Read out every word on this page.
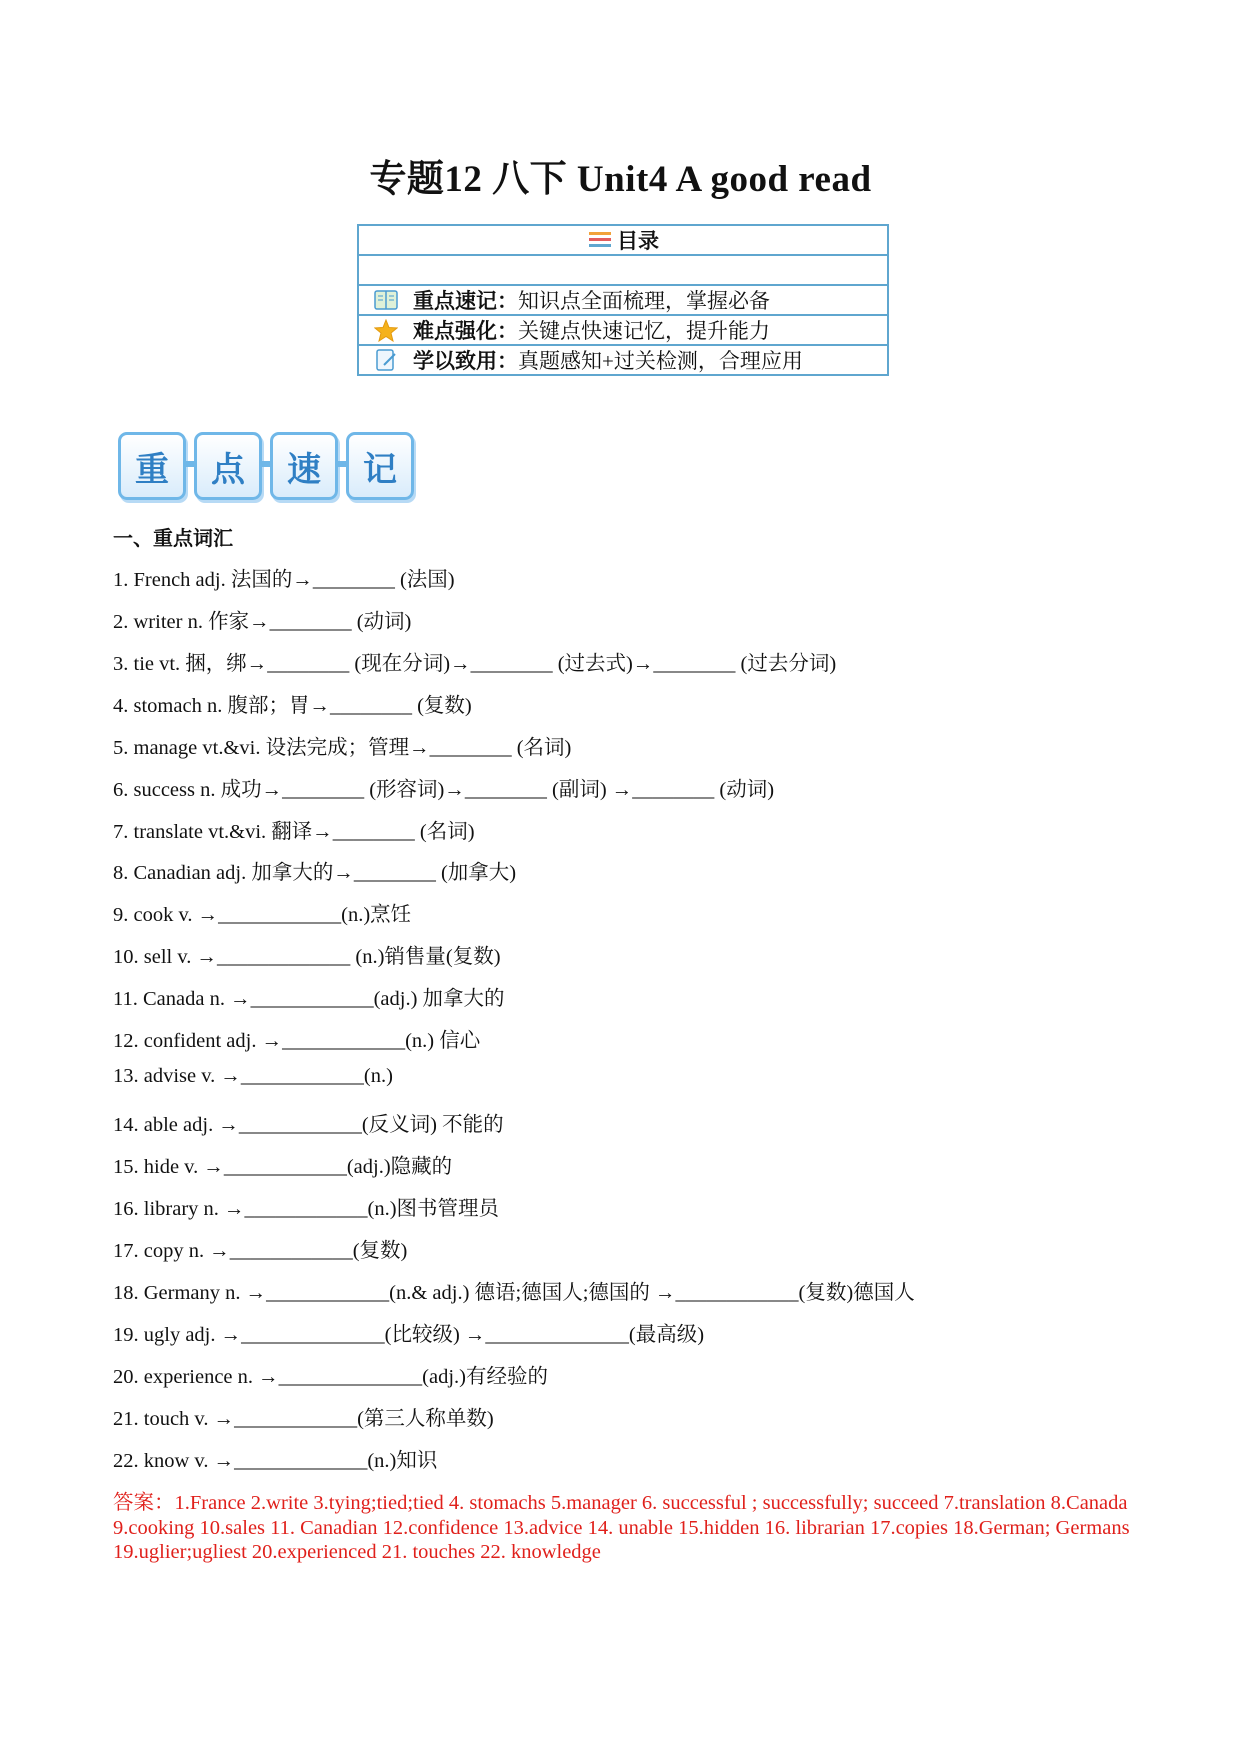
专题12 八下 Unit4 A good read
目录
重点速记： 知识点全面梳理，掌握必备
难点强化： 关键点快速记忆，提升能力
学以致用： 真题感知+过关检测，合理应用
重	点	速	记
一、重点词汇
1. French adj. 法国的→________ (法国)
2. writer n. 作家→________ (动词)
3. tie vt. 捆，绑→________ (现在分词)→________ (过去式)→________ (过去分词)
4. stomach n. 腹部；胃→________ (复数)
5. manage vt.&vi. 设法完成；管理→________ (名词)
6. success n. 成功→________ (形容词)→________ (副词) →________ (动词)
7. translate vt.&vi. 翻译→________ (名词)
8. Canadian adj. 加拿大的→________ (加拿大)
9. cook v. →____________(n.)烹饪
10. sell v. →_____________ (n.)销售量(复数)
11. Canada n. →____________(adj.) 加拿大的
12. confident adj. →____________(n.) 信心
13. advise v. →____________(n.)
14. able adj. →____________(反义词) 不能的
15. hide v. →____________(adj.)隐藏的
16. library n. →____________(n.)图书管理员
17. copy n. →____________(复数)
18. Germany n. →____________(n.& adj.) 德语;德国人;德国的 →____________(复数)德国人
19. ugly adj. →______________(比较级) →______________(最高级)
20. experience n. →______________(adj.)有经验的
21. touch v. →____________(第三人称单数)
22. know v. →_____________(n.)知识
答案：1.France 2.write 3.tying;tied;tied 4. stomachs 5.manager 6. successful ; successfully; succeed 7.translation 8.Canada 9.cooking 10.sales 11. Canadian 12.confidence 13.advice 14. unable 15.hidden 16. librarian 17.copies 18.German; Germans 19.uglier;ugliest 20.experienced 21. touches 22. knowledge
